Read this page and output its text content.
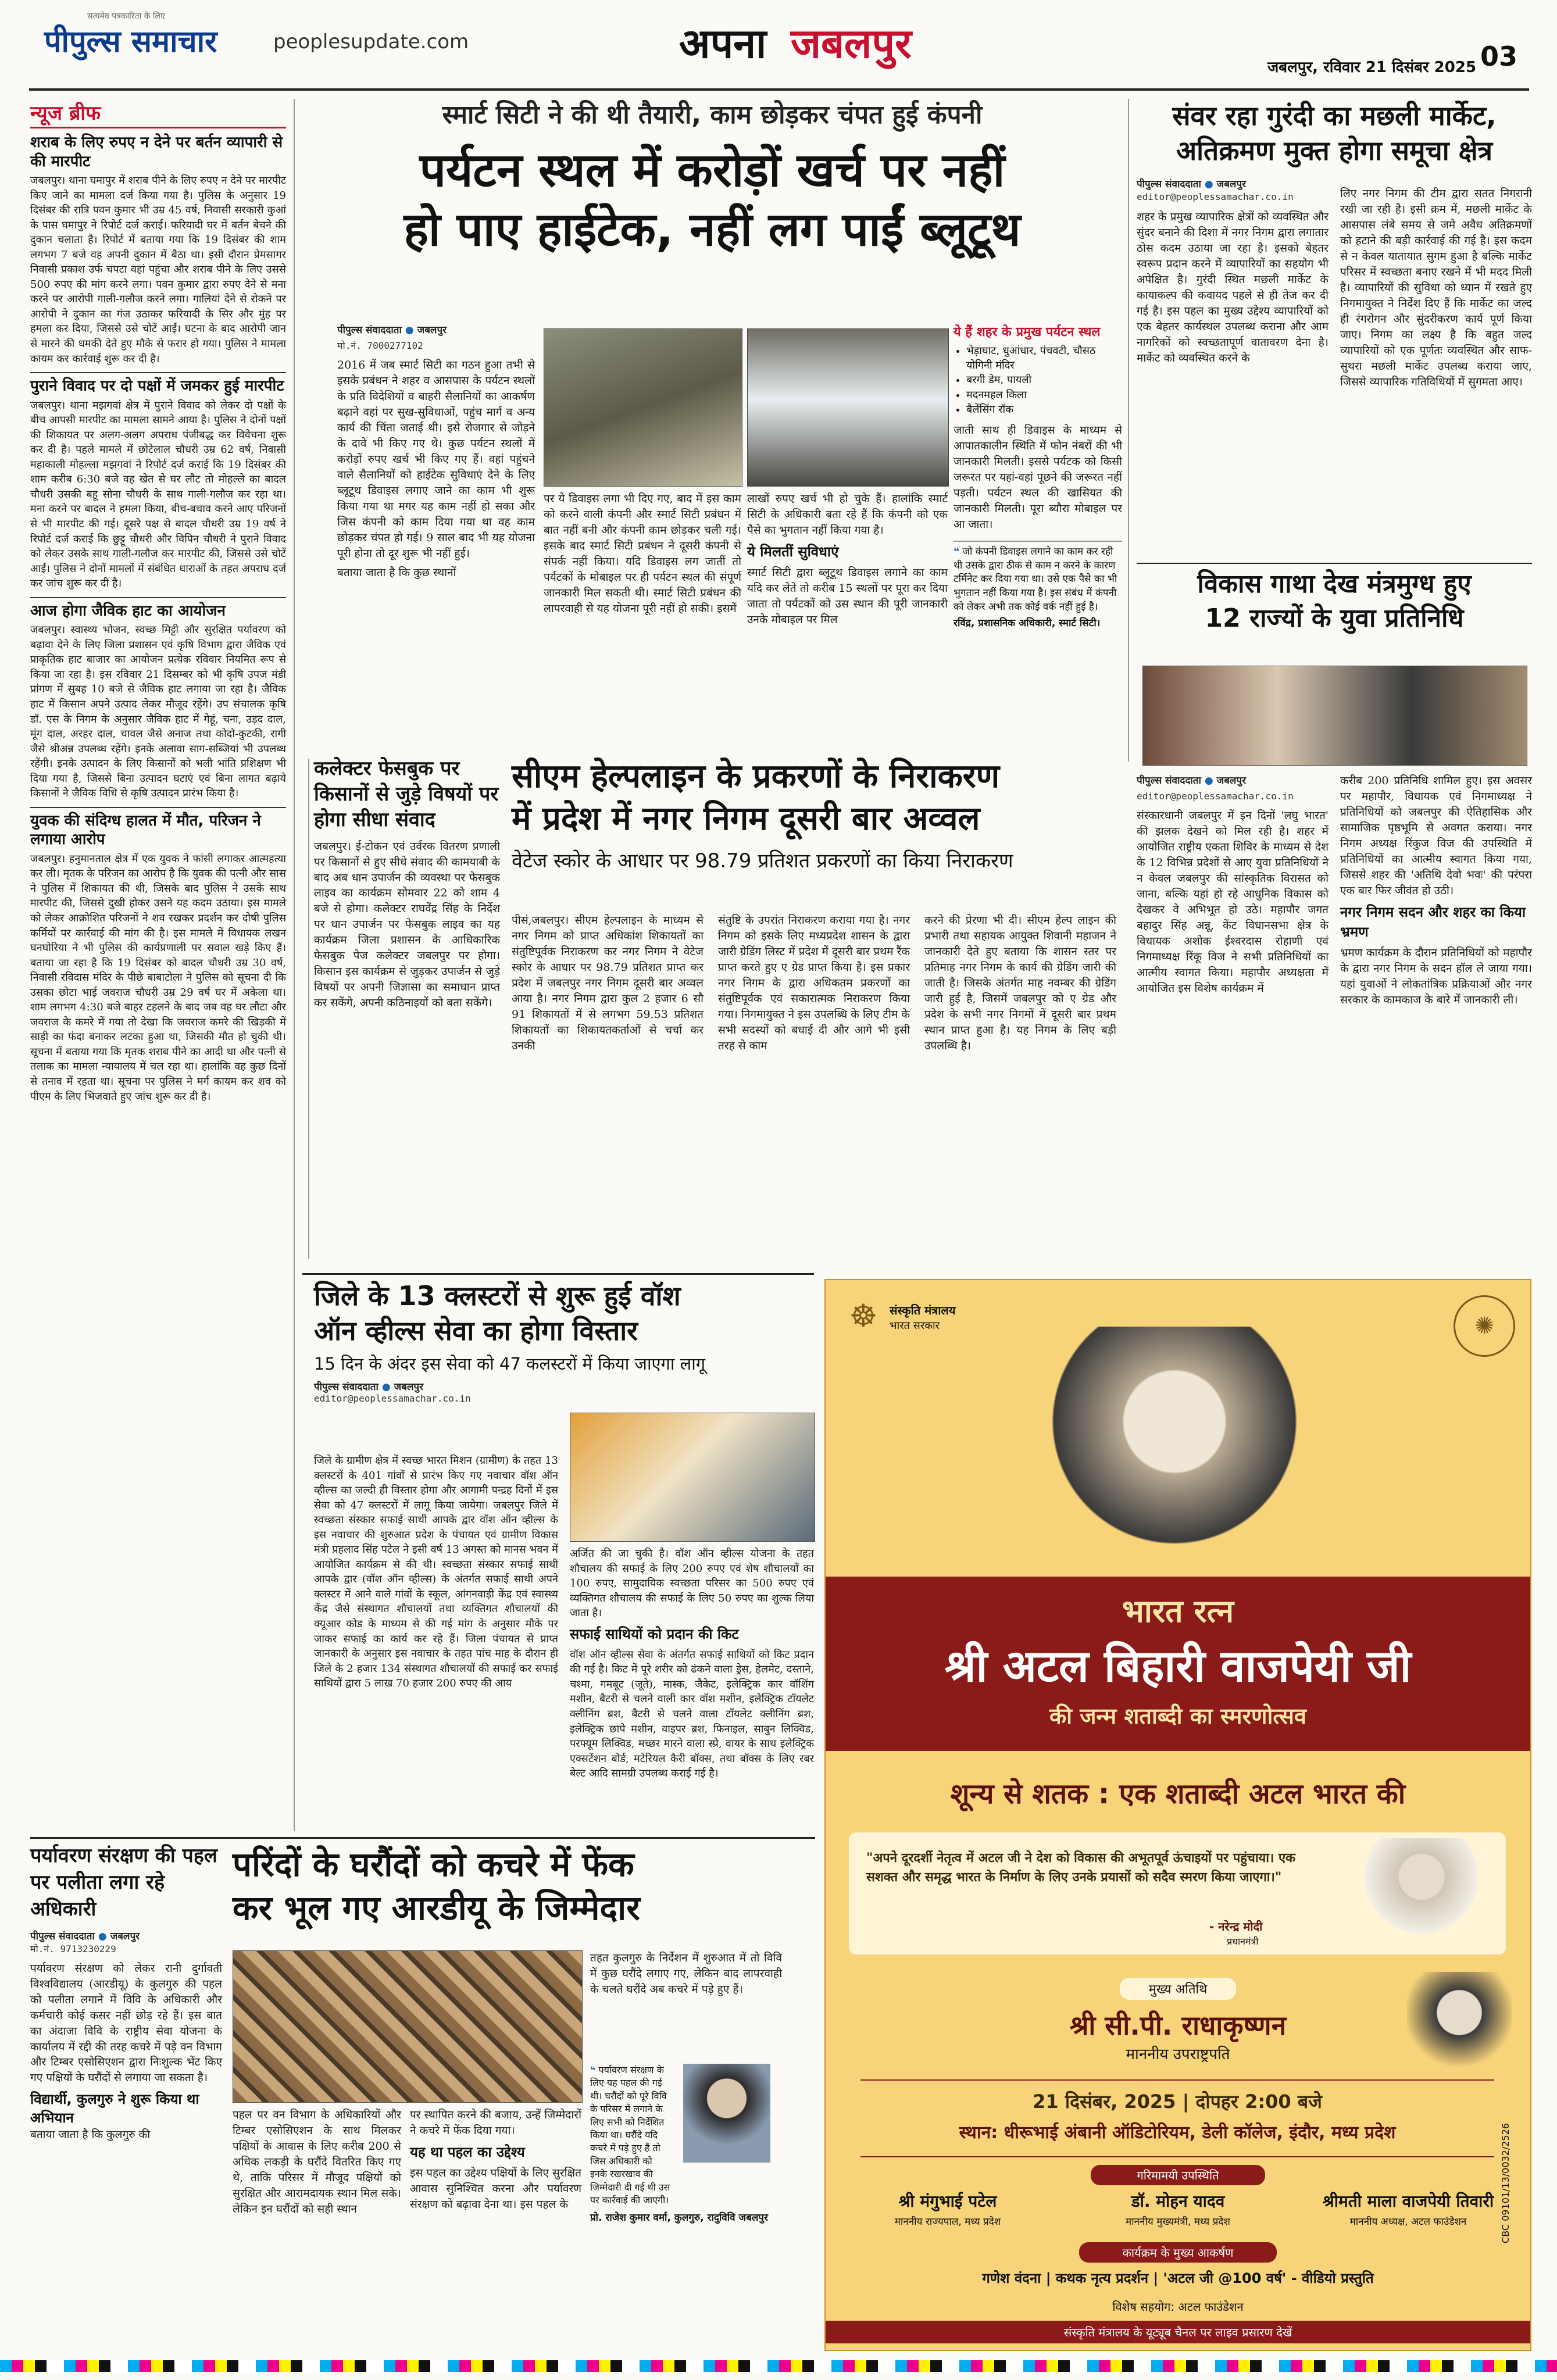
सत्यमेव पत्रकारिता के लिए
पीपुल्स समाचार	peoplesupdate.com	अपना जबलपुर	जबलपुर, रविवार 21 दिसंबर 2025 03
न्यूज ब्रीफ
शराब के लिए रुपए न देने पर बर्तन व्यापारी से की मारपीट
जबलपुर। थाना घमापुर में शराब पीने के लिए रुपए न देने पर मारपीट किए जाने का मामला दर्ज किया गया है। पुलिस के अनुसार 19 दिसंबर की रात्रि पवन कुमार भी उम्र 45 वर्ष, निवासी सरकारी कुआं के पास घमापुर ने रिपोर्ट दर्ज कराई। फरियादी घर में बर्तन बेचने की दुकान चलाता है। रिपोर्ट में बताया गया कि 19 दिसंबर की शाम लगभग 7 बजे वह अपनी दुकान में बैठा था। इसी दौरान प्रेमसागर निवासी प्रकाश उर्फ चपटा वहां पहुंचा और शराब पीने के लिए उससे 500 रुपए की मांग करने लगा। पवन कुमार द्वारा रुपए देने से मना करने पर आरोपी गाली-गलौज करने लगा। गालियां देने से रोकने पर आरोपी ने दुकान का गंज उठाकर फरियादी के सिर और मुंह पर हमला कर दिया, जिससे उसे चोटें आईं। घटना के बाद आरोपी जान से मारने की धमकी देते हुए मौके से फरार हो गया। पुलिस ने मामला कायम कर कार्रवाई शुरू कर दी है।
पुराने विवाद पर दो पक्षों में जमकर हुई मारपीट
जबलपुर। थाना मझगवां क्षेत्र में पुराने विवाद को लेकर दो पक्षों के बीच आपसी मारपीट का मामला सामने आया है। पुलिस ने दोनों पक्षों की शिकायत पर अलग-अलग अपराध पंजीबद्ध कर विवेचना शुरू कर दी है। पहले मामले में छोटेलाल चौधरी उम्र 62 वर्ष, निवासी महाकाली मोहल्ला मझगवां ने रिपोर्ट दर्ज कराई कि 19 दिसंबर की शाम करीब 6:30 बजे वह खेत से घर लौट तो मोहल्ले का बादल चौधरी उसकी बहू सोना चौधरी के साथ गाली-गलौज कर रहा था। मना करने पर बादल ने हमला किया, बीच-बचाव करने आए परिजनों से भी मारपीट की गई। दूसरे पक्ष से बादल चौधरी उम्र 19 वर्ष ने रिपोर्ट दर्ज कराई कि छुट्टू चौधरी और विपिन चौधरी ने पुराने विवाद को लेकर उसके साथ गाली-गलौज कर मारपीट की, जिससे उसे चोटें आईं। पुलिस ने दोनों मामलों में संबंधित धाराओं के तहत अपराध दर्ज कर जांच शुरू कर दी है।
आज होगा जैविक हाट का आयोजन
जबलपुर। स्वास्थ्य भोजन, स्वच्छ मिट्टी और सुरक्षित पर्यावरण को बढ़ावा देने के लिए जिला प्रशासन एवं कृषि विभाग द्वारा जैविक एवं प्राकृतिक हाट बाजार का आयोजन प्रत्येक रविवार नियमित रूप से किया जा रहा है। इस रविवार 21 दिसम्बर को भी कृषि उपज मंडी प्रांगण में सुबह 10 बजे से जैविक हाट लगाया जा रहा है। जैविक हाट में किसान अपने उत्पाद लेकर मौजूद रहेंगे। उप संचालक कृषि डॉ. एस के निगम के अनुसार जैविक हाट में गेहूं, चना, उड़द दाल, मूंग दाल, अरहर दाल, चावल जैसे अनाज तथा कोदो-कुटकी, रागी जैसे श्रीअन्न उपलब्ध रहेंगे। इनके अलावा साग-सब्जियां भी उपलब्ध रहेंगी। इनके उत्पादन के लिए किसानों को भली भांति प्रशिक्षण भी दिया गया है, जिससे बिना उत्पादन घटाएं एवं बिना लागत बढ़ाये किसानों ने जैविक विधि से कृषि उत्पादन प्रारंभ किया है।
युवक की संदिग्ध हालत में मौत, परिजन ने लगाया आरोप
जबलपुर। हनुमानताल क्षेत्र में एक युवक ने फांसी लगाकर आत्महत्या कर ली। मृतक के परिजन का आरोप है कि युवक की पत्नी और सास ने पुलिस में शिकायत की थी, जिसके बाद पुलिस ने उसके साथ मारपीट की, जिससे दुखी होकर उसने यह कदम उठाया। इस मामले को लेकर आक्रोशित परिजनों ने शव रखकर प्रदर्शन कर दोषी पुलिस कर्मियों पर कार्रवाई की मांग की है। इस मामले में विधायक लखन घनघोरिया ने भी पुलिस की कार्यप्रणाली पर सवाल खड़े किए हैं। बताया जा रहा है कि 19 दिसंबर को बादल चौधरी उम्र 30 वर्ष, निवासी रविदास मंदिर के पीछे बाबाटोला ने पुलिस को सूचना दी कि उसका छोटा भाई जवराज चौधरी उम्र 29 वर्ष घर में अकेला था। शाम लगभग 4:30 बजे बाहर टहलने के बाद जब वह घर लौटा और जवराज के कमरे में गया तो देखा कि जवराज कमरे की खिड़की में साड़ी का फंदा बनाकर लटका हुआ था, जिसकी मौत हो चुकी थी। सूचना में बताया गया कि मृतक शराब पीने का आदी था और पत्नी से तलाक का मामला न्यायालय में चल रहा था। हालांकि वह कुछ दिनों से तनाव में रहता था। सूचना पर पुलिस ने मर्ग कायम कर शव को पीएम के लिए भिजवाते हुए जांच शुरू कर दी है।
स्मार्ट सिटी ने की थी तैयारी, काम छोड़कर चंपत हुई कंपनी
पर्यटन स्थल में करोड़ों खर्च पर नहीं
हो पाए हाईटेक, नहीं लग पाईं ब्लूटूथ
पीपुल्स संवाददाता ● जबलपुर
मो.नं. 7000277102

2016 में जब स्मार्ट सिटी का गठन हुआ तभी से इसके प्रबंधन ने शहर व आसपास के पर्यटन स्थलों के प्रति विदेशियों व बाहरी सैलानियों का आकर्षण बढ़ाने वहां पर सुख-सुविधाओं, पहुंच मार्ग व अन्य कार्य की चिंता जताई थी। इसे रोजगार से जोड़ने के दावे भी किए गए थे। कुछ पर्यटन स्थलों में करोड़ों रुपए खर्च भी किए गए हैं। वहां पहुंचने वाले सैलानियों को हाईटेक सुविधाएं देने के लिए ब्लूटूथ डिवाइस लगाए जाने का काम भी शुरू किया गया था मगर यह काम नहीं हो सका और जिस कंपनी को काम दिया गया था वह काम छोड़कर चंपत हो गई। 9 साल बाद भी यह योजना पूरी होना तो दूर शुरू भी नहीं हुई।

बताया जाता है कि कुछ स्थानों

पर ये डिवाइस लगा भी दिए गए, बाद में इस काम को करने वाली कंपनी और स्मार्ट सिटी प्रबंधन में बात नहीं बनी और कंपनी काम छोड़कर चली गई। इसके बाद स्मार्ट सिटी प्रबंधन ने दूसरी कंपनी से संपर्क नहीं किया। यदि डिवाइस लग जातीं तो पर्यटकों के मोबाइल पर ही पर्यटन स्थल की संपूर्ण जानकारी मिल सकती थी। स्मार्ट सिटी प्रबंधन की लापरवाही से यह योजना पूरी नहीं हो सकी। इसमें

लाखों रुपए खर्च भी हो चुके हैं। हालांकि स्मार्ट सिटी के अधिकारी बता रहे हैं कि कंपनी को एक पैसे का भुगतान नहीं किया गया है।

ये मिलतीं सुविधाएं

स्मार्ट सिटी द्वारा ब्लूटूथ डिवाइस लगाने का काम यदि कर लेते तो करीब 15 स्थलों पर पूरा कर दिया जाता तो पर्यटकों को उस स्थान की पूरी जानकारी उनके मोबाइल पर मिल

ये हैं शहर के प्रमुख पर्यटन स्थल
• भेड़ाघाट, धुआंधार, पंचवटी, चौसठ योगिनी मंदिर
• बरगी डेम, पायली
• मदनमहल किला
• बैलेंसिंग रॉक
जाती साथ ही डिवाइस के माध्यम से आपातकालीन स्थिति में फोन नंबरों की भी जानकारी मिलती। इससे पर्यटक को किसी जरूरत पर यहां-वहां पूछने की जरूरत नहीं पड़ती। पर्यटन स्थल की खासियत की जानकारी मिलती। पूरा ब्यौरा मोबाइल पर आ जाता।
❝ जो कंपनी डिवाइस लगाने का काम कर रही थी उसके द्वारा ठीक से काम न करने के कारण टर्मिनेट कर दिया गया था। उसे एक पैसे का भी भुगतान नहीं किया गया है। इस संबंध में कंपनी को लेकर अभी तक कोई वर्क नहीं हुई है।
रविंद्र, प्रशासनिक अधिकारी, स्मार्ट सिटी।
संवर रहा गुरंदी का मछली मार्केट,
अतिक्रमण मुक्त होगा समूचा क्षेत्र
पीपुल्स संवाददाता ● जबलपुर
editor@peoplessamachar.co.in
शहर के प्रमुख व्यापारिक क्षेत्रों को व्यवस्थित और सुंदर बनाने की दिशा में नगर निगम द्वारा लगातार ठोस कदम उठाया जा रहा है। इसको बेहतर स्वरूप प्रदान करने में व्यापारियों का सहयोग भी अपेक्षित है। गुरंदी स्थित मछली मार्केट के कायाकल्प की कवायद पहले से ही तेज कर दी गई है। इस पहल का मुख्य उद्देश्य व्यापारियों को एक बेहतर कार्यस्थल उपलब्ध कराना और आम नागरिकों को स्वच्छतापूर्ण वातावरण देना है। मार्केट को व्यवस्थित करने के
लिए नगर निगम की टीम द्वारा सतत निगरानी रखी जा रही है। इसी क्रम में, मछली मार्केट के आसपास लंबे समय से जमे अवैध अतिक्रमणों को हटाने की बड़ी कार्रवाई की गई है। इस कदम से न केवल यातायात सुगम हुआ है बल्कि मार्केट परिसर में स्वच्छता बनाए रखने में भी मदद मिली है। व्यापारियों की सुविधा को ध्यान में रखते हुए निगमायुक्त ने निर्देश दिए हैं कि मार्केट का जल्द ही रंगरोगन और सुंदरीकरण कार्य पूर्ण किया जाए। निगम का लक्ष्य है कि बहुत जल्द व्यापारियों को एक पूर्णतः व्यवस्थित और साफ-सुथरा मछली मार्केट उपलब्ध कराया जाए, जिससे व्यापारिक गतिविधियों में सुगमता आए।
विकास गाथा देख मंत्रमुग्ध हुए
12 राज्यों के युवा प्रतिनिधि
पीपुल्स संवाददाता ● जबलपुर
editor@peoplessamachar.co.in
संस्कारधानी जबलपुर में इन दिनों 'लघु भारत' की झलक देखने को मिल रही है। शहर में आयोजित राष्ट्रीय एकता शिविर के माध्यम से देश के 12 विभिन्न प्रदेशों से आए युवा प्रतिनिधियों ने न केवल जबलपुर की सांस्कृतिक विरासत को जाना, बल्कि यहां हो रहे आधुनिक विकास को देखकर वे अभिभूत हो उठे। महापौर जगत बहादुर सिंह अन्नू, केंट विधानसभा क्षेत्र के विधायक अशोक ईश्वरदास रोहाणी एवं निगमाध्यक्ष रिंकू विज ने सभी प्रतिनिधियों का आत्मीय स्वागत किया। महापौर अध्यक्षता में आयोजित इस विशेष कार्यक्रम में

करीब 200 प्रतिनिधि शामिल हुए। इस अवसर पर महापौर, विधायक एवं निगमाध्यक्ष ने प्रतिनिधियों को जबलपुर की ऐतिहासिक और सामाजिक पृष्ठभूमि से अवगत कराया। नगर निगम अध्यक्ष रिंकुज विज की उपस्थिति में प्रतिनिधियों का आत्मीय स्वागत किया गया, जिससे शहर की 'अतिथि देवो भवः' की परंपरा एक बार फिर जीवंत हो उठी।

नगर निगम सदन और शहर का किया भ्रमण

भ्रमण कार्यक्रम के दौरान प्रतिनिधियों को महापौर के द्वारा नगर निगम के सदन हॉल ले जाया गया। यहां युवाओं ने लोकतांत्रिक प्रक्रियाओं और नगर सरकार के कामकाज के बारे में जानकारी ली।

कलेक्टर फेसबुक पर किसानों से जुड़े विषयों पर होगा सीधा संवाद
जबलपुर। ई-टोकन एवं उर्वरक वितरण प्रणाली पर किसानों से हुए सीधे संवाद की कामयाबी के बाद अब धान उपार्जन की व्यवस्था पर फेसबुक लाइव का कार्यक्रम सोमवार 22 को शाम 4 बजे से होगा। कलेक्टर राघवेंद्र सिंह के निर्देश पर धान उपार्जन पर फेसबुक लाइव का यह कार्यक्रम जिला प्रशासन के आधिकारिक फेसबुक पेज कलेक्टर जबलपुर पर होगा। किसान इस कार्यक्रम से जुड़कर उपार्जन से जुड़े विषयों पर अपनी जिज्ञासा का समाधान प्राप्त कर सकेंगे, अपनी कठिनाइयों को बता सकेंगे।
सीएम हेल्पलाइन के प्रकरणों के निराकरण
में प्रदेश में नगर निगम दूसरी बार अव्वल
वेटेज स्कोर के आधार पर 98.79 प्रतिशत प्रकरणों का किया निराकरण
पीसं,जबलपुर। सीएम हेल्पलाइन के माध्यम से नगर निगम को प्राप्त अधिकांश शिकायतों का संतुष्टिपूर्वक निराकरण कर नगर निगम ने वेटेज स्कोर के आधार पर 98.79 प्रतिशत प्राप्त कर प्रदेश में जबलपुर नगर निगम दूसरी बार अव्वल आया है। नगर निगम द्वारा कुल 2 हजार 6 सौ 91 शिकायतों में से लगभग 59.53 प्रतिशत शिकायतों का शिकायतकर्ताओं से चर्चा कर उनकी
संतुष्टि के उपरांत निराकरण कराया गया है। नगर निगम को इसके लिए मध्यप्रदेश शासन के द्वारा जारी ग्रेडिंग लिस्ट में प्रदेश में दूसरी बार प्रथम रैंक प्राप्त करते हुए ए ग्रेड प्राप्त किया है। इस प्रकार नगर निगम के द्वारा अधिकतम प्रकरणों का संतुष्टिपूर्वक एवं सकारात्मक निराकरण किया गया। निगमायुक्त ने इस उपलब्धि के लिए टीम के सभी सदस्यों को बधाई दी और आगे भी इसी तरह से काम
करने की प्रेरणा भी दी। सीएम हेल्प लाइन की प्रभारी तथा सहायक आयुक्त शिवानी महाजन ने जानकारी देते हुए बताया कि शासन स्तर पर प्रतिमाह नगर निगम के कार्य की ग्रेडिंग जारी की जाती है। जिसके अंतर्गत माह नवम्बर की ग्रेडिंग जारी हुई है, जिसमें जबलपुर को ए ग्रेड और प्रदेश के सभी नगर निगमों में दूसरी बार प्रथम स्थान प्राप्त हुआ है। यह निगम के लिए बड़ी उपलब्धि है।
जिले के 13 क्लस्टरों से शुरू हुई वॉश
ऑन व्हील्स सेवा का होगा विस्तार
15 दिन के अंदर इस सेवा को 47 कलस्टरों में किया जाएगा लागू
पीपुल्स संवाददाता ● जबलपुर
editor@peoplessamachar.co.in
जिले के ग्रामीण क्षेत्र में स्वच्छ भारत मिशन (ग्रामीण) के तहत 13 क्लस्टरों के 401 गांवों से प्रारंभ किए गए नवाचार वॉश ऑन व्हील्स का जल्दी ही विस्तार होगा और आगामी पन्द्रह दिनों में इस सेवा को 47 क्लस्टरों में लागू किया जायेगा। जबलपुर जिले में स्वच्छता संस्कार सफाई साथी आपके द्वार वॉश ऑन व्हील्स के इस नवाचार की शुरुआत प्रदेश के पंचायत एवं ग्रामीण विकास मंत्री प्रहलाद सिंह पटेल ने इसी वर्ष 13 अगस्त को मानस भवन में आयोजित कार्यक्रम से की थी। स्वच्छता संस्कार सफाई साथी आपके द्वार (वॉश ऑन व्हील्स) के अंतर्गत सफाई साथी अपने क्लस्टर में आने वाले गांवों के स्कूल, आंगनवाड़ी केंद्र एवं स्वास्थ्य केंद्र जैसे संस्थागत शौचालयों तथा व्यक्तिगत शौचालयों की क्यूआर कोड के माध्यम से की गई मांग के अनुसार मौके पर जाकर सफाई का कार्य कर रहे हैं। जिला पंचायत से प्राप्त जानकारी के अनुसार इस नवाचार के तहत पांच माह के दौरान ही जिले के 2 हजार 134 संस्थागत शौचालयों की सफाई कर सफाई साथियों द्वारा 5 लाख 70 हजार 200 रुपए की आय

अर्जित की जा चुकी है। वॉश ऑन व्हील्स योजना के तहत शौचालय की सफाई के लिए 200 रुपए एवं शेष शौचालयों का 100 रुपए, सामुदायिक स्वच्छता परिसर का 500 रुपए एवं व्यक्तिगत शौचालय की सफाई के लिए 50 रुपए का शुल्क लिया जाता है।

सफाई साथियों को प्रदान की किट

वॉश ऑन व्हील्स सेवा के अंतर्गत सफाई साथियों को किट प्रदान की गई है। किट में पूरे शरीर को ढंकने वाला ड्रेस, हेलमेट, दस्ताने, चश्मा, गमबूट (जूते), मास्क, जैकेट, इलेक्ट्रिक कार वॉशिंग मशीन, बैटरी से चलने वाली कार वॉश मशीन, इलेक्ट्रिक टॉयलेट क्लीनिंग ब्रश, बैटरी से चलने वाला टॉयलेट क्लीनिंग ब्रश, इलेक्ट्रिक छापे मशीन, वाइपर ब्रश, फिनाइल, साबुन लिक्विड, परफ्यूम लिक्विड, मच्छर मारने वाला स्प्रे, वायर के साथ इलेक्ट्रिक एक्सटेंशन बोर्ड, मटेरियल कैरी बॉक्स, तथा बॉक्स के लिए रबर बेल्ट आदि सामग्री उपलब्ध कराई गई है।

☸	संस्कृति मंत्रालय
भारत सरकार	✺
भारत रत्न
श्री अटल बिहारी वाजपेयी जी
की जन्म शताब्दी का स्मरणोत्सव
शून्य से शतक : एक शताब्दी अटल भारत की
"अपने दूरदर्शी नेतृत्व में अटल जी ने देश को विकास की अभूतपूर्व ऊंचाइयों पर पहुंचाया। एक सशक्त और समृद्ध भारत के निर्माण के लिए उनके प्रयासों को सदैव स्मरण किया जाएगा।"
- नरेन्द्र मोदी
प्रधानमंत्री
मुख्य अतिथि
श्री सी.पी. राधाकृष्णन
माननीय उपराष्ट्रपति
21 दिसंबर, 2025 | दोपहर 2:00 बजे
स्थान: धीरूभाई अंबानी ऑडिटोरियम, डेली कॉलेज, इंदौर, मध्य प्रदेश
गरिमामयी उपस्थिति
श्री मंगुभाई पटेल
माननीय राज्यपाल, मध्य प्रदेश
डॉ. मोहन यादव
माननीय मुख्यमंत्री, मध्य प्रदेश
श्रीमती माला वाजपेयी तिवारी
माननीय अध्यक्ष, अटल फाउंडेशन
कार्यक्रम के मुख्य आकर्षण
गणेश वंदना | कथक नृत्य प्रदर्शन | 'अटल जी @100 वर्ष' - वीडियो प्रस्तुति
विशेष सहयोग: अटल फाउंडेशन
संस्कृति मंत्रालय के यूट्यूब चैनल पर लाइव प्रसारण देखें
CBC 09101/13/0032/2526
पर्यावरण संरक्षण की पहल पर पलीता लगा रहे अधिकारी
पीपुल्स संवाददाता ● जबलपुर
मो.नं. 9713230229
पर्यावरण संरक्षण को लेकर रानी दुर्गावती विश्वविद्यालय (आरडीयू) के कुलगुरु की पहल को पलीता लगाने में विवि के अधिकारी और कर्मचारी कोई कसर नहीं छोड़ रहे हैं। इस बात का अंदाजा विवि के राष्ट्रीय सेवा योजना के कार्यालय में रद्दी की तरह कचरे में पड़े वन विभाग और टिम्बर एसोसिएशन द्वारा निःशुल्क भेंट किए गए पक्षियों के घरौंदों से लगाया जा सकता है।
विद्यार्थी, कुलगुरु ने शुरू किया था अभियान
बताया जाता है कि कुलगुरु की
परिंदों के घरौंदों को कचरे में फेंक
कर भूल गए आरडीयू के जिम्मेदार
पहल पर वन विभाग के अधिकारियों और टिम्बर एसोसिएशन के साथ मिलकर पक्षियों के आवास के लिए करीब 200 से अधिक लकड़ी के घरौंदे वितरित किए गए थे, ताकि परिसर में मौजूद पक्षियों को सुरक्षित और आरामदायक स्थान मिल सके। लेकिन इन घरौंदों को सही स्थान

पर स्थापित करने की बजाय, उन्हें जिम्मेदारों ने कचरे में फेंक दिया गया।

यह था पहल का उद्देश्य

इस पहल का उद्देश्य पक्षियों के लिए सुरक्षित आवास सुनिश्चित करना और पर्यावरण संरक्षण को बढ़ावा देना था। इस पहल के

तहत कुलगुरु के निर्देशन में शुरुआत में तो विवि में कुछ घरौंदे लगाए गए, लेकिन बाद लापरवाही के चलते घरौंदे अब कचरे में पड़े हुए हैं।
❝ पर्यावरण संरक्षण के लिए यह पहल की गई थी। घरौंदों को पूरे विवि के परिसर में लगाने के लिए सभी को निर्देशित किया था। घरौंदे यदि कचरे में पड़े हुए हैं तो जिस अधिकारी को इनके रखरखाव की जिम्मेदारी दी गई थी उस पर कार्रवाई की जाएगी।
प्रो. राजेश कुमार वर्मा, कुलगुरु, रादुविवि जबलपुर
